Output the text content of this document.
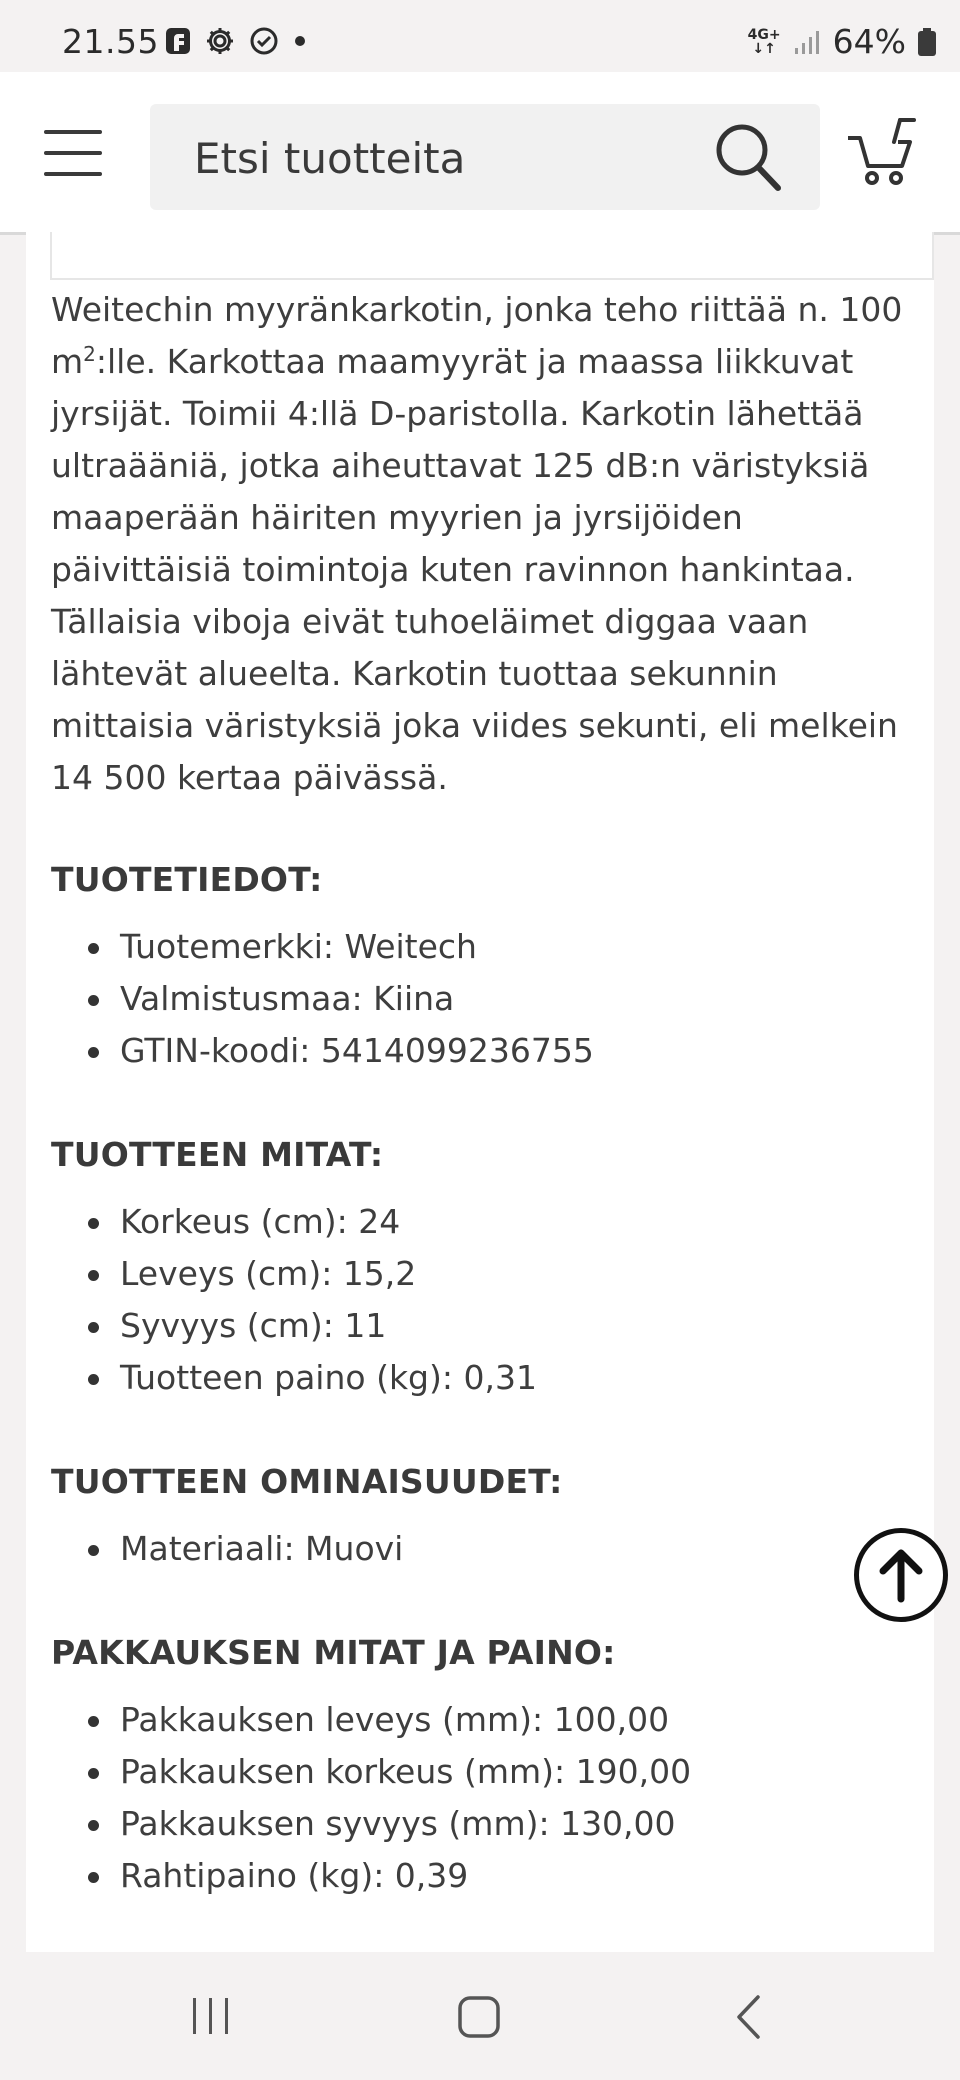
21.55	4G+
↓↑ 64%
Etsi tuotteita

Weitechin myyränkarkotin, jonka teho riittää n. 100 $m^2:lle$. Karkottaa maamyyrät ja maassa liikkuvat jyrsijät. Toimii 4:llä D-paristolla. Karkotin lähettää ultraääniä, jotka aiheuttavat 125 dB:n väristyksiä maaperään häiriten myyrien ja jyrsijöiden päivittäisiä toimintoja kuten ravinnon hankintaa. Tällaisia viboja eivät tuhoeläimet diggaa vaan lähtevät alueelta. Karkotin tuottaa sekunnin mittaisia väristyksiä joka viides sekunti, eli melkein 14 500 kertaa päivässä.

TUOTETIEDOT:
Tuotemerkki: Weitech
Valmistusmaa: Kiina
GTIN-koodi: 5414099236755
TUOTTEEN MITAT:
Korkeus (cm): 24
Leveys (cm): 15,2
Syvyys (cm): 11
Tuotteen paino (kg): 0,31
TUOTTEEN OMINAISUUDET:
Materiaali: Muovi
PAKKAUKSEN MITAT JA PAINO:
Pakkauksen leveys (mm): 100,00
Pakkauksen korkeus (mm): 190,00
Pakkauksen syvyys (mm): 130,00
Rahtipaino (kg): 0,39
